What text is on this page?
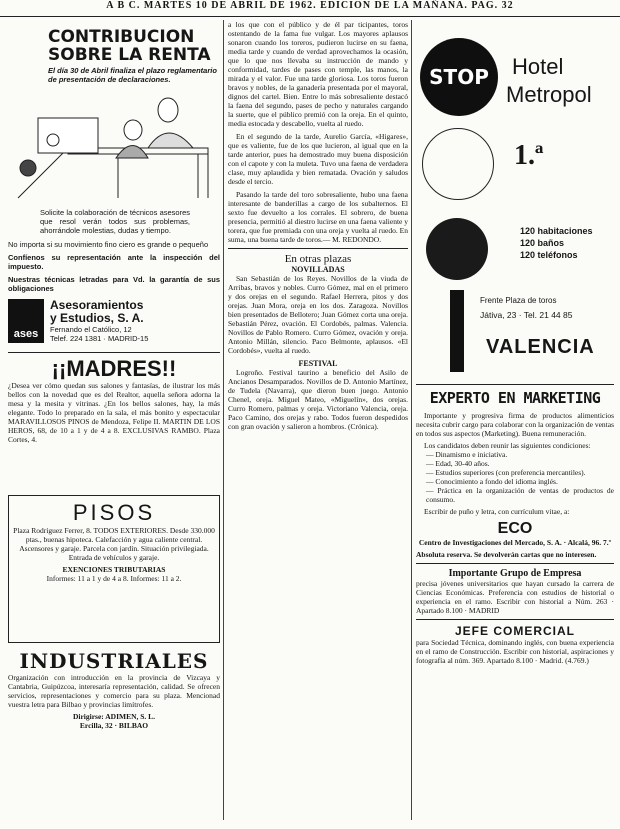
A B C. MARTES 10 DE ABRIL DE 1962. EDICION DE LA MAÑANA. PAG. 32

CONTRIBUCION

SOBRE LA RENTA

El día 30 de Abril finaliza el plazo reglamentario de presentación de declaraciones.

Solicite la colaboración de técnicos asesores que resol verán todos sus problemas, ahorrándole molestias, dudas y tiempo.

No importa si su movimiento fino ciero es grande o pequeño

Confíenos su representación ante la inspección del impuesto.

Nuestras técnicas letradas para Vd. la garantía de sus obligaciones

ases

Asesoramientos

y Estudios, S. A.

Fernando el Católico, 12

Telef. 224 1381 · MADRID-15

¡¡MADRES!!

¿Desea ver cómo quedan sus salones y fantasías, de ilustrar los más bellos con la novedad que es del Realtor, aquella señora adorna la mesa y la mesita y vitrinas. ¿En los bellos salones, hay, la más elegante. Todo lo preparado en la sala, el más bonito y espectacular MARAVILLOSOS PINOS de Mendoza, Felipe II. MARTIN DE LOS HEROS, 68, de 10 a 1 y de 4 a 8. EXCLUSIVAS RAMBO. Plaza Cortes, 4.

PISOS

Plaza Rodríguez Ferrer, 8. TODOS EXTERIORES. Desde 330.000 ptas., buenas hipoteca. Calefacción y agua caliente central. Ascensores y garaje. Parcela con jardín. Situación privilegiada. Entrada de vehículos y garaje.

EXENCIONES TRIBUTARIAS

Informes: 11 a 1 y de 4 a 8. Informes: 11 a 2.

INDUSTRIALES

Organización con introducción en la provincia de Vizcaya y Cantabria, Guipúzcoa, interesaría representación, calidad. Se ofrecen servicios, representaciones y comercio para su plaza. Mencionad vuestra letra para Bilbao y provincias limítrofes.

Dirigirse: ADIMEN, S. L.

Ercilla, 32 · BILBAO

a los que con el público y de él par ticipantes, toros ostentando de la fama fue vulgar. Los mayores aplausos sonaron cuando los toreros, pudieron lucirse en su faena, media tarde y cuando de verdad aprovechamos la ocasión, que lo que nos llevaba su instrucción de mando y conformidad, tardes de pases con temple, las manos, la mirada y el valor. Fue una tarde gloriosa. Los toros fueron bravos y nobles, de la ganadería presentada por el mayoral, dignos del cartel. Bien. Entre lo más sobresaliente destacó la faena del segundo, pases de pecho y naturales cargando la suerte, que el público premió con la oreja. En el quinto, media estocada y descabello, vuelta al ruedo.

En el segundo de la tarde, Aurelio García, «Higares», que es valiente, fue de los que lucieron, al igual que en la tarde anterior, pues ha demostrado muy buena disposición con el capote y con la muleta. Tuvo una faena de verdadera clase, muy aplaudida y bien rematada. Ovación y saludos desde el tercio.

Pasando la tarde del toro sobresaliente, hubo una faena interesante de banderillas a cargo de los subalternos. El sexto fue devuelto a los corrales. El sobrero, de buena presencia, permitió al diestro lucirse en una faena valiente y torera, que fue premiada con una oreja y vuelta al ruedo. En suma, una buena tarde de toros.— M. REDONDO.

En otras plazas

NOVILLADAS

San Sebastián de los Reyes. Novillos de la viuda de Arribas, bravos y nobles. Curro Gómez, mal en el primero y dos orejas en el segundo. Rafael Herrera, pitos y dos orejas. Juan Mora, oreja en los dos. Zaragoza. Novillos bien presentados de Bellotero; Juan Gómez corta una oreja. Sebastián Pérez, ovación. El Cordobés, palmas. Valencia. Novillos de Pablo Romero. Curro Gómez, ovación y oreja. Antonio Millán, silencio. Paco Belmonte, aplausos. «El Cordobés», vuelta al ruedo.

FESTIVAL

Logroño. Festival taurino a beneficio del Asilo de Ancianos Desamparados. Novillos de D. Antonio Martínez, de Tudela (Navarra), que dieron buen juego. Antonio Chenel, oreja. Miguel Mateo, «Miguelín», dos orejas. Curro Romero, palmas y oreja. Victoriano Valencia, oreja. Paco Camino, dos orejas y rabo. Todos fueron despedidos con gran ovación y salieron a hombros. (Crónica).

STOP	Hotel

Metropol

1.ª

120 habitaciones

120 baños

120 teléfonos

Frente Plaza de toros

Játiva, 23 · Tel. 21 44 85

VALENCIA

EXPERTO EN MARKETING

Importante y progresiva firma de productos alimenticios necesita cubrir cargo para colaborar con la organización de ventas en todos sus aspectos (Marketing). Buena remuneración.

Los candidatos deben reunir las siguientes condiciones:

— Dinamismo e iniciativa.

— Edad, 30-40 años.

— Estudios superiores (con preferencia mercantiles).

— Conocimiento a fondo del idioma inglés.

— Práctica en la organización de ventas de productos de consumo.

Escribir de puño y letra, con currículum vitae, a:

ECO

Centro de Investigaciones del Mercado, S. A. · Alcalá, 96. 7.º

Absoluta reserva. Se devolverán cartas que no interesen.

Importante Grupo de Empresa

precisa jóvenes universitarios que hayan cursado la carrera de Ciencias Económicas. Preferencia con estudios de historial o experiencia en el ramo. Escribir con historial a Núm. 263 · Apartado 8.100 · MADRID

JEFE COMERCIAL

para Sociedad Técnica, dominando inglés, con buena experiencia en el ramo de Construcción. Escribir con historial, aspiraciones y fotografía al núm. 369. Apartado 8.100 · Madrid. (4.769.)
